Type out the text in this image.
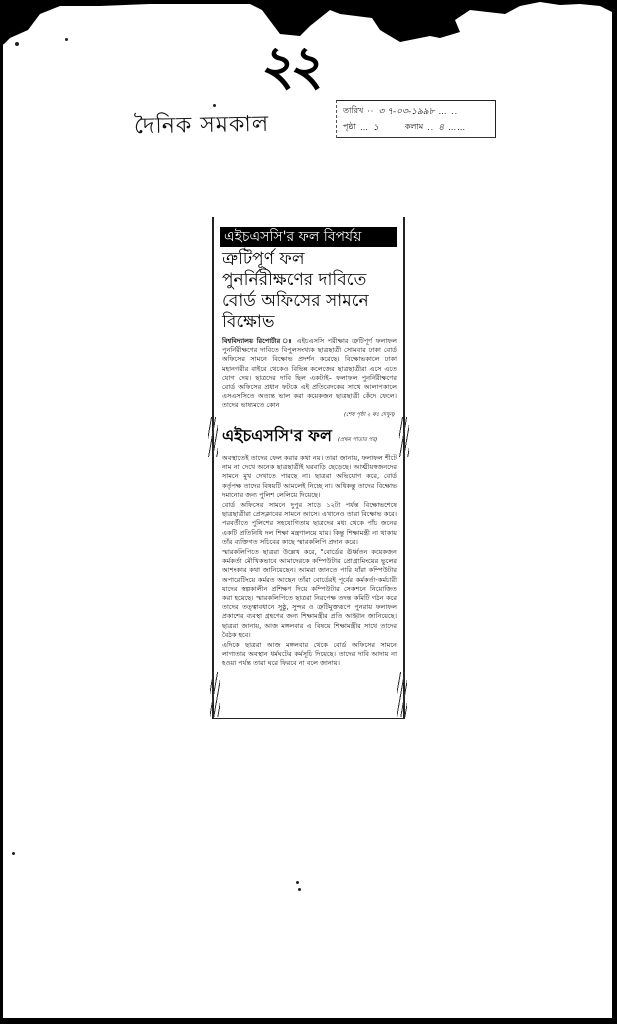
২২
দৈনিক সমকাল
তারিখ ·· ৩ ৭-০৩-১৯৯৮ … ..
পৃষ্ঠা … ১	কলাম .. ৪ ……
এইচএসসি'র ফল বিপর্যয়
ত্রুটিপূর্ণ ফল পুনর্নিরীক্ষণের দাবিতে বোর্ড অফিসের সামনে বিক্ষোভ
বিশ্ববিদ্যালয় রিপোর্টার ঃ এইচএসসি পরীক্ষার ত্রুটিপূর্ণ ফলাফল পুনর্নিরীক্ষণের দাবিতে বিপুলসংখ্যক ছাত্রছাত্রী সোমবার ঢাকা বোর্ড অফিসের সামনে বিক্ষোভ প্রদর্শন করেছে। বিক্ষোভকালে ঢাকা মহানগরীর বাইরে থেকেও বিভিন্ন কলেজের ছাত্রছাত্রীরা এসে এতে যোগ দেয়। ছাত্রদের দাবি ছিল একটাই– ফলাফল পুনর্নিরীক্ষণের বোর্ড অফিসের প্রধান ফটকে এই প্রতিবেদকের সাথে আলাপকালে এসএসসিতে অত্যন্ত ভাল করা কয়েকজন ছাত্রছাত্রী কেঁদে ফেলে। তাদের ভাষ্যমতে কোন
(শেষ পৃষ্ঠা ২ কঃ দেখুন)
এইচএসসি'র ফল (প্রথম পাতার পর)
অবস্থাতেই তাদের ফেল করার কথা নয়। তারা জানায়, ফলাফল শীটে নাম না দেখে অনেক ছাত্রছাত্রীই ঘরবাড়ি ছেড়েছে। আত্মীয়স্বজনদের সামনে মুখ দেখাতে পারছে না। ছাত্ররা অভিযোগ করে, বোর্ড কর্তৃপক্ষ তাদের বিষয়টি আমলেই নিচ্ছে না। অধিকন্তু তাদের বিক্ষোভ দমানোর জন্য পুলিশ লেলিয়ে দিয়েছে।
বোর্ড অফিসের সামনে দুপুর সাড়ে ১২টা পর্যন্ত বিক্ষোভশেষে ছাত্রছাত্রীরা প্রেসক্লাবের সামনে আসে। এখানেও তারা বিক্ষোভ করে। পরবর্তীতে পুলিশের সহযোগিতায় ছাত্রদের মধ্য থেকে পাঁচ জনের একটি প্রতিনিধি দল শিক্ষা মন্ত্রণালয়ে যায়। কিন্তু শিক্ষামন্ত্রী না থাকায় তাঁর ব্যক্তিগত সচিবের কাছে স্মারকলিপি প্রদান করে।
স্মারকলিপিতে ছাত্ররা উল্লেখ করে, "বোর্ডের ঊর্ধ্বতন কয়েকজন কর্মকর্তা মৌখিকভাবে আমাদেরকে কম্পিউটার প্রোগ্রামিংয়ের ভুলের আশংকার কথা জানিয়েছেন। আমরা জানতে পারি যাঁরা কম্পিউটার অপারেটিংয়ে কর্মরত আছেন তাঁরা বোর্ডেরই পূর্বের কর্মকর্তা-কর্মচারী যাদের স্বল্পকালীন প্রশিক্ষণ দিয়ে কম্পিউটার সেকশনে নিয়োজিত করা হয়েছে। স্মারকলিপিতে ছাত্ররা নিরপেক্ষ তদন্ত কমিটি গঠন করে তাদের তত্ত্বাবধানে সুষ্ঠু, সুন্দর ও ত্রুটিমুক্তরূপে পুনরায় ফলাফল প্রকাশের ব্যবস্থা গ্রহণের জন্য শিক্ষামন্ত্রীর প্রতি আহ্বান জানিয়েছে। ছাত্ররা জানায়, আজ মঙ্গলবার এ বিষয়ে শিক্ষামন্ত্রীর সাথে তাদের বৈঠক হবে।
এদিকে ছাত্ররা আজ মঙ্গলবার থেকে বোর্ড অফিসের সামনে লাগাতার অবস্থান ধর্মঘটের কর্মসূচি দিয়েছে। তাদের দাবি আদায় না হওয়া পর্যন্ত তারা ঘরে ফিরবে না বলে জানায়।
